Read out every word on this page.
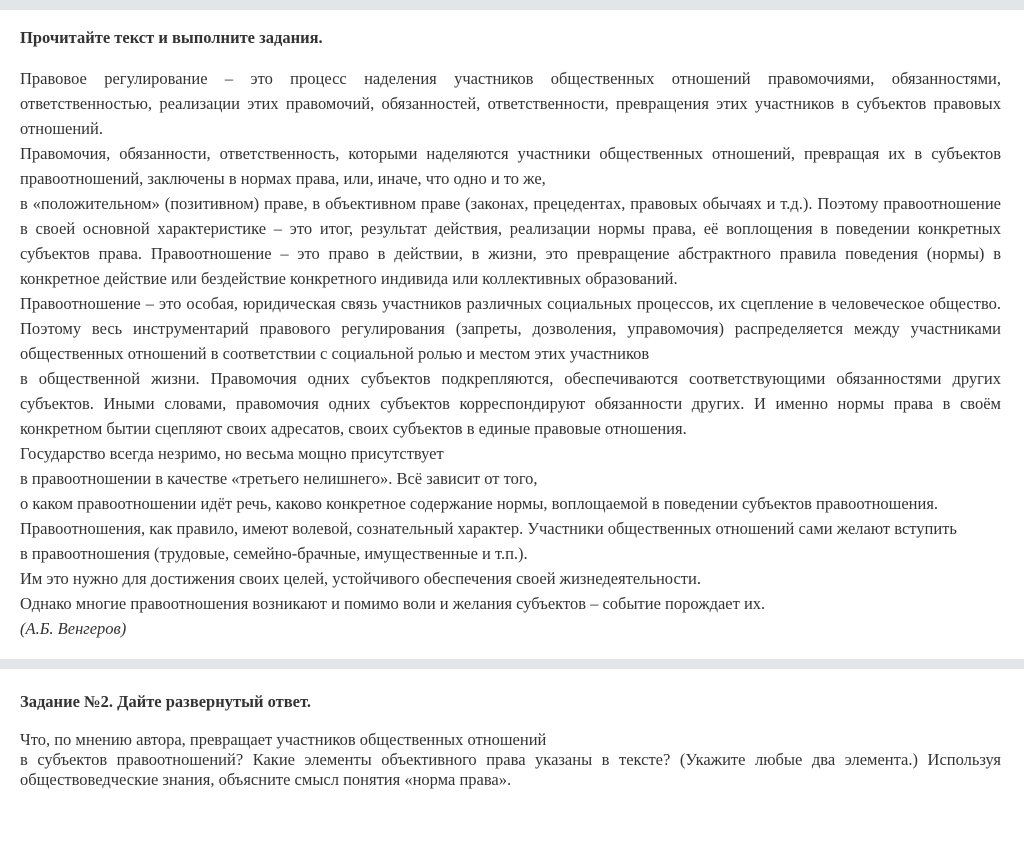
Прочитайте текст и выполните задания.

Правовое регулирование – это процесс наделения участников общественных отношений правомочиями, обязанностями, ответственностью, реализации этих правомочий, обязанностей, ответственности, превращения этих участников в субъектов правовых отношений.

Правомочия, обязанности, ответственность, которыми наделяются участники общественных отношений, превращая их в субъектов правоотношений, заключены в нормах права, или, иначе, что одно и то же,

в «положительном» (позитивном) праве, в объективном праве (законах, прецедентах, правовых обычаях и т.д.). Поэтому правоотношение в своей основной характеристике – это итог, результат действия, реализации нормы права, её воплощения в поведении конкретных субъектов права. Правоотношение – это право в действии, в жизни, это превращение абстрактного правила поведения (нормы) в конкретное действие или бездействие конкретного индивида или коллективных образований.

Правоотношение – это особая, юридическая связь участников различных социальных процессов, их сцепление в человеческое общество. Поэтому весь инструментарий правового регулирования (запреты, дозволения, управомочия) распределяется между участниками общественных отношений в соответствии с социальной ролью и местом этих участников

в общественной жизни. Правомочия одних субъектов подкрепляются, обеспечиваются соответствующими обязанностями других субъектов. Иными словами, правомочия одних субъектов корреспондируют обязанности других. И именно нормы права в своём конкретном бытии сцепляют своих адресатов, своих субъектов в единые правовые отношения.

Государство всегда незримо, но весьма мощно присутствует

в правоотношении в качестве «третьего нелишнего». Всё зависит от того,

о каком правоотношении идёт речь, каково конкретное содержание нормы, воплощаемой в поведении субъектов правоотношения.

Правоотношения, как правило, имеют волевой, сознательный характер. Участники общественных отношений сами желают вступить

в правоотношения (трудовые, семейно-брачные, имущественные и т.п.).

Им это нужно для достижения своих целей, устойчивого обеспечения своей жизнедеятельности.

Однако многие правоотношения возникают и помимо воли и желания субъектов – событие порождает их.

(А.Б. Венгеров)

Задание №2. Дайте развернутый ответ.

Что, по мнению автора, превращает участников общественных отношений

в субъектов правоотношений? Какие элементы объективного права указаны в тексте? (Укажите любые два элемента.) Используя обществоведческие знания, объясните смысл понятия «норма права».
